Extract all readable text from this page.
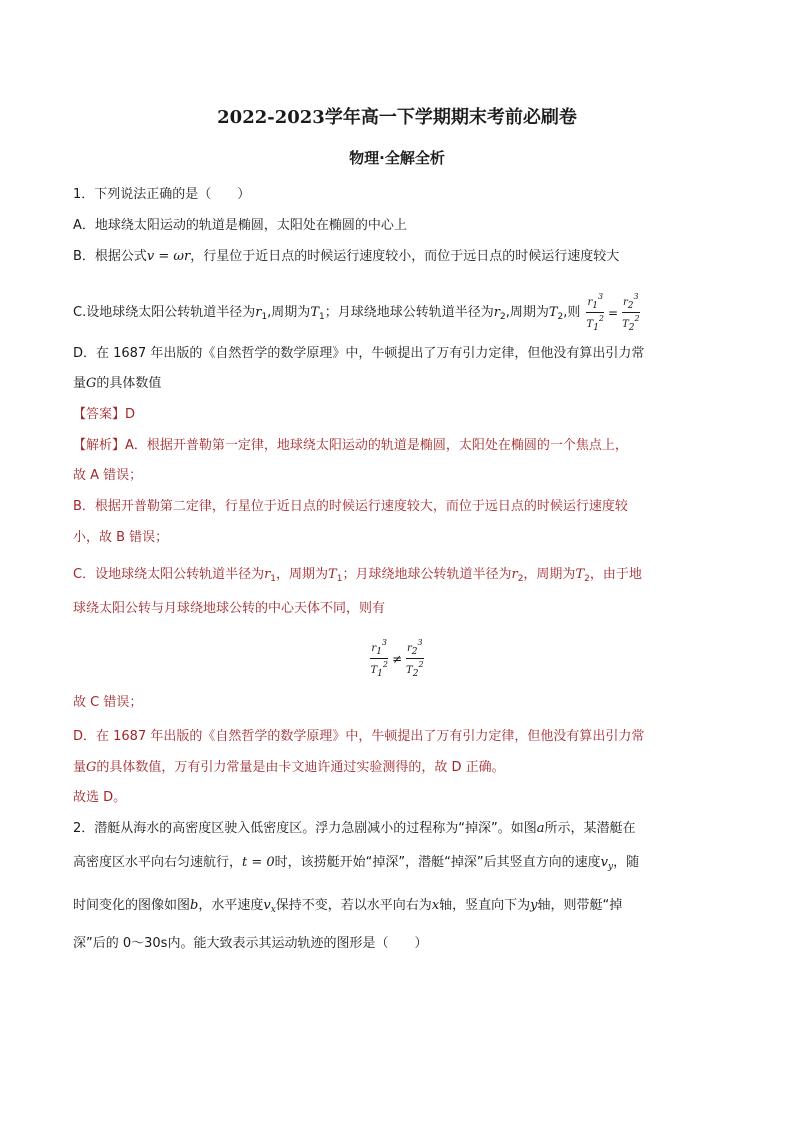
2022-2023学年高一下学期期末考前必刷卷
物理·全解全析
1．下列说法正确的是（　　）
A．地球绕太阳运动的轨道是椭圆，太阳处在椭圆的中心上
B．根据公式v = ωr，行星位于近日点的时候运行速度较小，而位于远日点的时候运行速度较大
C.设地球绕太阳公转轨道半径为$r_1$,周期为$T_1$；月球绕地球公转轨道半径为$r_2$,周期为$T_2$,则 $\frac{r1^3}{T1^2} = \frac{r2^3}{T2^2}$
D．在 1687 年出版的《自然哲学的数学原理》中，牛顿提出了万有引力定律，但他没有算出引力常
量G的具体数值
【答案】D
【解析】A．根据开普勒第一定律，地球绕太阳运动的轨道是椭圆，太阳处在椭圆的一个焦点上，
故 A 错误；
B．根据开普勒第二定律，行星位于近日点的时候运行速度较大，而位于远日点的时候运行速度较
小，故 B 错误；
C．设地球绕太阳公转轨道半径为$r_1$，周期为$T_1$；月球绕地球公转轨道半径为$r_2$，周期为$T_2$，由于地
球绕太阳公转与月球绕地球公转的中心天体不同，则有
$\frac{r1^3}{T1^2} \ne \frac{r2^3}{T2^2}$
故 C 错误；
D．在 1687 年出版的《自然哲学的数学原理》中，牛顿提出了万有引力定律，但他没有算出引力常
量G的具体数值，万有引力常量是由卡文迪许通过实验测得的，故 D 正确。
故选 D。
2．潜艇从海水的高密度区驶入低密度区。浮力急剧减小的过程称为“掉深”。如图a所示，某潜艇在
高密度区水平向右匀速航行，t = 0时，该捞艇开始“掉深”，潜艇“掉深”后其竖直方向的速度$v_y$，随
时间变化的图像如图b，水平速度$v_x$保持不变，若以水平向右为x轴，竖直向下为y轴，则带艇“掉
深”后的 0～30s内。能大致表示其运动轨迹的图形是（　　）
